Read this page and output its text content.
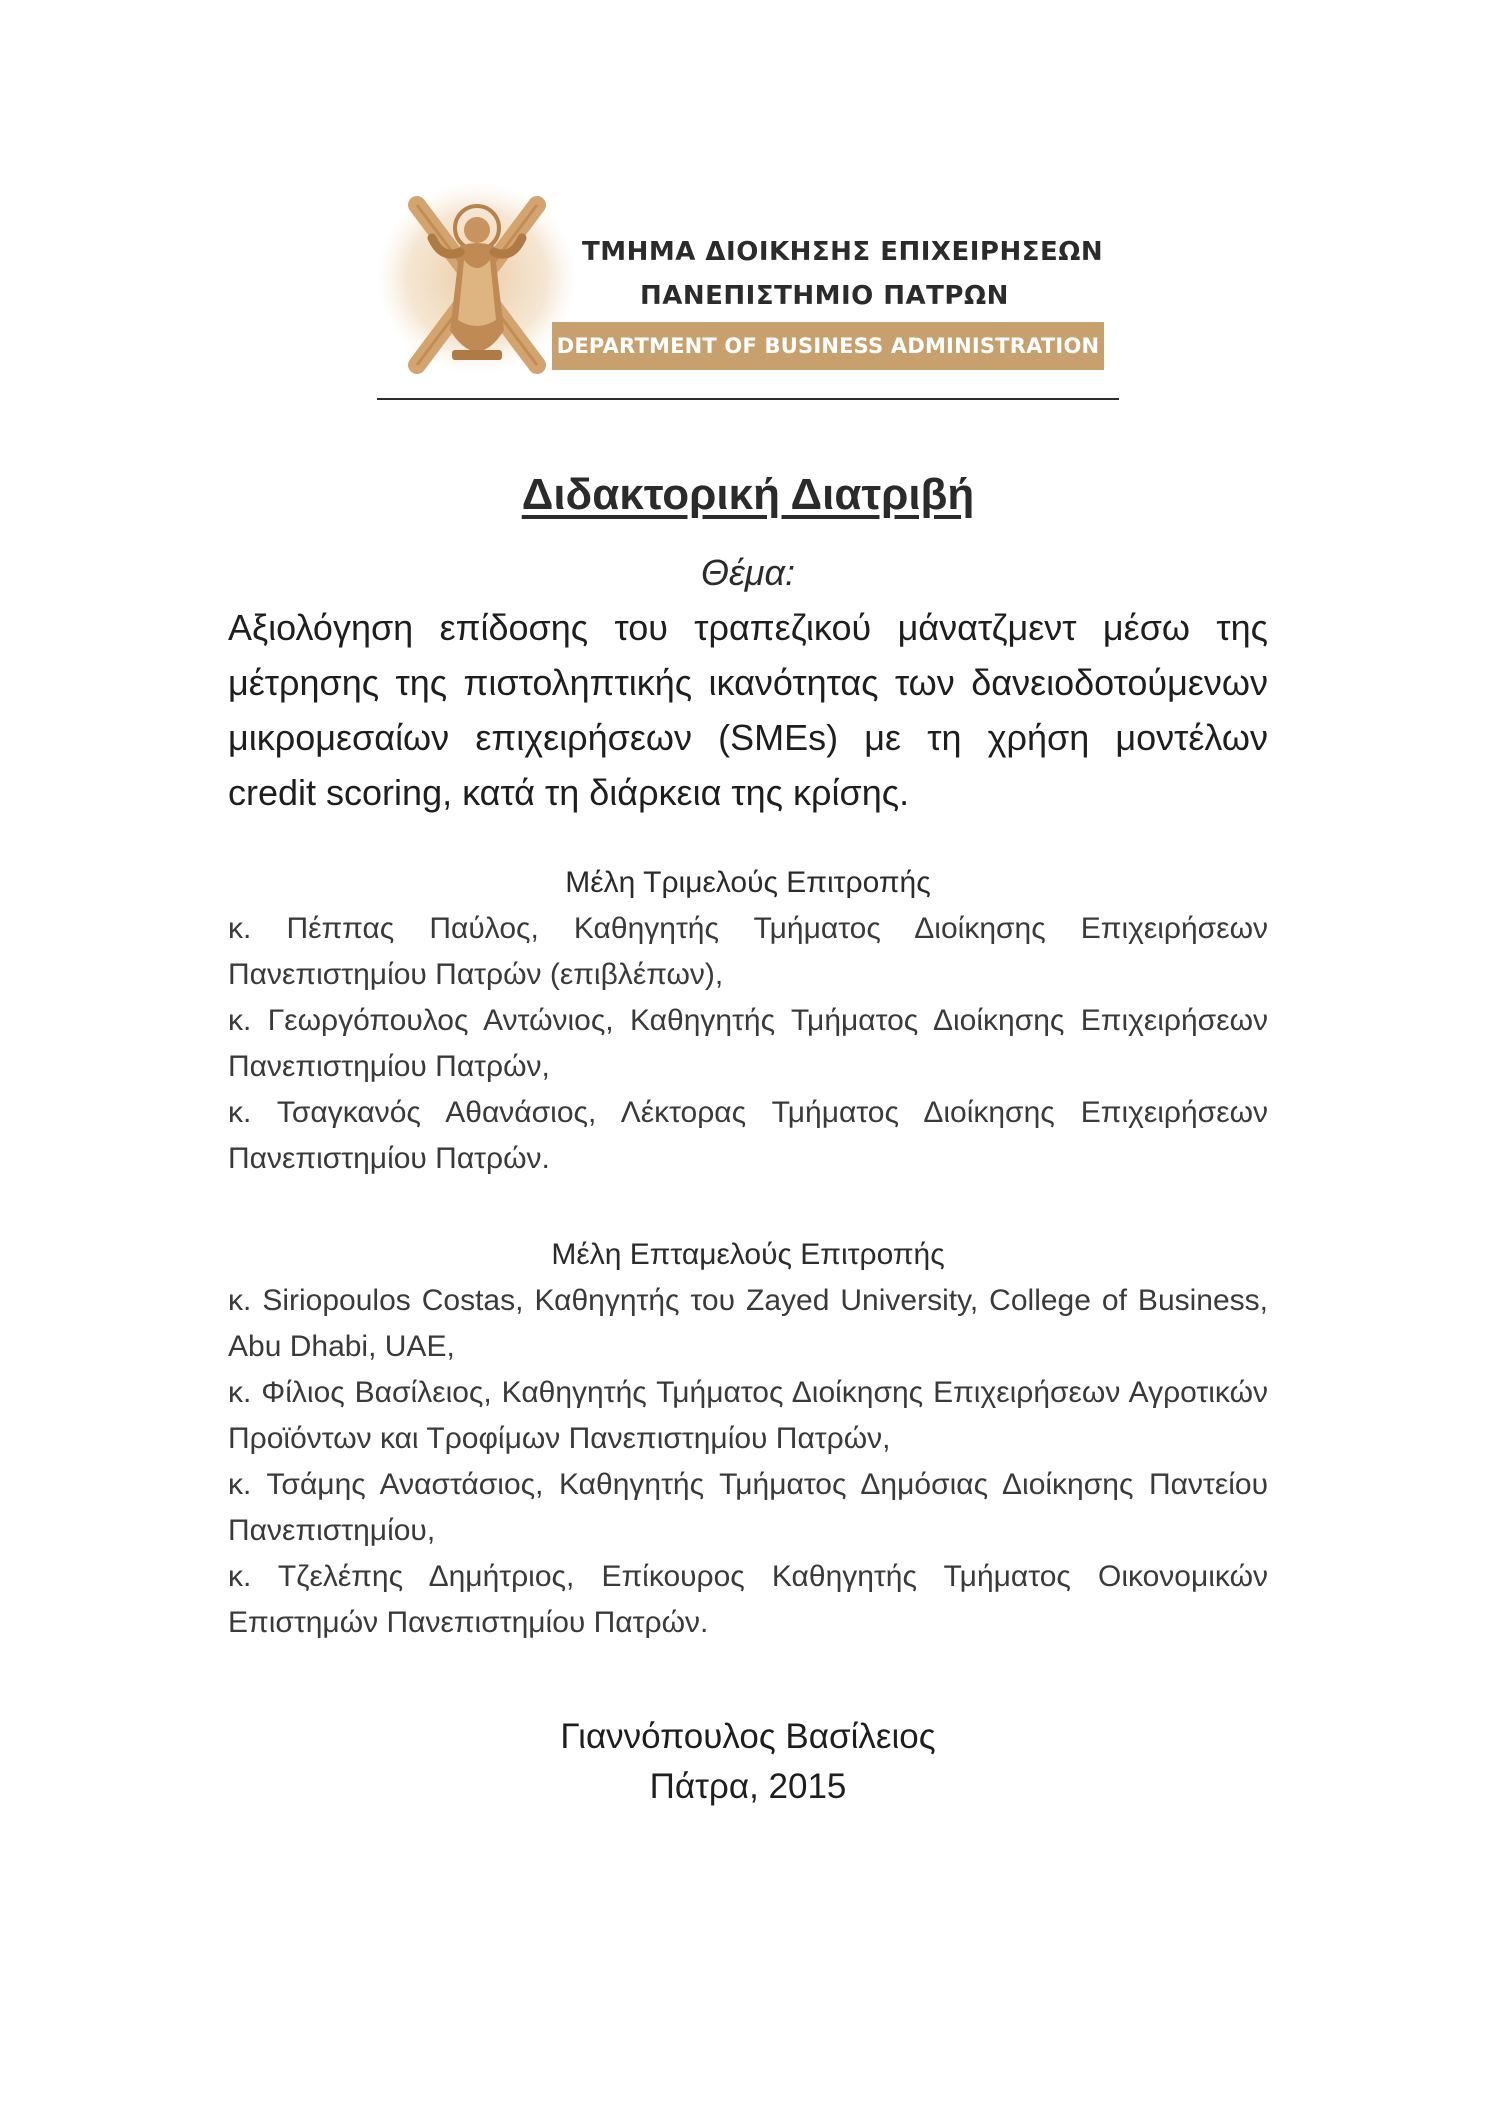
ΤΜΗΜΑ ΔΙΟΙΚΗΣΗΣ ΕΠΙΧΕΙΡΗΣΕΩΝ
ΠΑΝΕΠΙΣΤΗΜΙΟ ΠΑΤΡΩΝ
DEPARTMENT OF BUSINESS ADMINISTRATION
Διδακτορική Διατριβή
Θέμα:

Αξιολόγηση επίδοσης του τραπεζικού μάνατζμεντ μέσω της μέτρησης της πιστοληπτικής ικανότητας των δανειοδοτούμενων μικρομεσαίων επιχειρήσεων (SMEs) με τη χρήση μοντέλων credit scoring, κατά τη διάρκεια της κρίσης.

Μέλη Τριμελούς Επιτροπής

κ. Πέππας Παύλος, Καθηγητής Τμήματος Διοίκησης Επιχειρήσεων Πανεπιστημίου Πατρών (επιβλέπων),

κ. Γεωργόπουλος Αντώνιος, Καθηγητής Τμήματος Διοίκησης Επιχειρήσεων Πανεπιστημίου Πατρών,

κ. Τσαγκανός Αθανάσιος, Λέκτορας Τμήματος Διοίκησης Επιχειρήσεων Πανεπιστημίου Πατρών.

Μέλη Επταμελούς Επιτροπής

κ. Siriopoulos Costas, Καθηγητής του Zayed University, College of Business, Abu Dhabi, UAE,

κ. Φίλιος Βασίλειος, Καθηγητής Τμήματος Διοίκησης Επιχειρήσεων Αγροτικών Προϊόντων και Τροφίμων Πανεπιστημίου Πατρών,

κ. Τσάμης Αναστάσιος, Καθηγητής Τμήματος Δημόσιας Διοίκησης Παντείου Πανεπιστημίου,

κ. Τζελέπης Δημήτριος, Επίκουρος Καθηγητής Τμήματος Οικονομικών Επιστημών Πανεπιστημίου Πατρών.

Γιαννόπουλος Βασίλειος
Πάτρα, 2015
